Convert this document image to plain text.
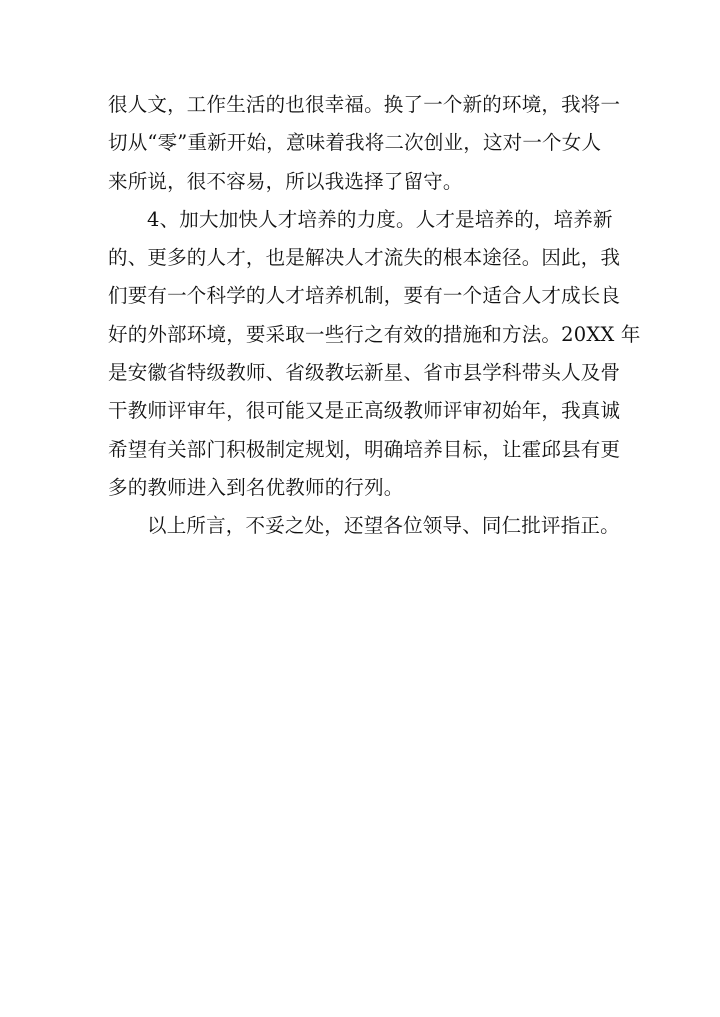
很人文，工作生活的也很幸福。换了一个新的环境，我将一
切从“零”重新开始，意味着我将二次创业，这对一个女人
来所说，很不容易，所以我选择了留守。
4、加大加快人才培养的力度。人才是培养的，培养新
的、更多的人才，也是解决人才流失的根本途径。因此，我
们要有一个科学的人才培养机制，要有一个适合人才成长良
好的外部环境，要采取一些行之有效的措施和方法。20XX 年
是安徽省特级教师、省级教坛新星、省市县学科带头人及骨
干教师评审年，很可能又是正高级教师评审初始年，我真诚
希望有关部门积极制定规划，明确培养目标，让霍邱县有更
多的教师进入到名优教师的行列。
以上所言，不妥之处，还望各位领导、同仁批评指正。
